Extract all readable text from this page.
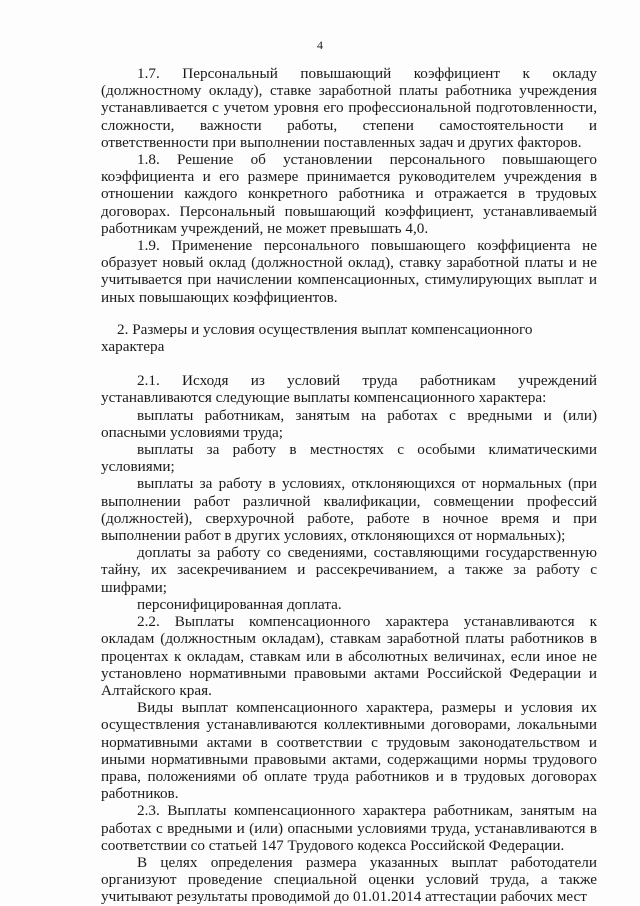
4

1.7. Персональный повышающий коэффициент к окладу (должностному окладу), ставке заработной платы работника учреждения устанавливается с учетом уровня его профессиональной подготовленности, сложности, важности работы, степени самостоятельности и ответственности при выполнении поставленных задач и других факторов.

1.8. Решение об установлении персонального повышающего коэффициента и его размере принимается руководителем учреждения в отношении каждого конкретного работника и отражается в трудовых договорах. Персональный повышающий коэффициент, устанавливаемый работникам учреждений, не может превышать 4,0.

1.9. Применение персонального повышающего коэффициента не образует новый оклад (должностной оклад), ставку заработной платы и не учитывается при начислении компенсационных, стимулирующих выплат и иных повышающих коэффициентов.

2. Размеры и условия осуществления выплат компенсационного характера

2.1. Исходя из условий труда работникам учреждений устанавливаются следующие выплаты компенсационного характера:

выплаты работникам, занятым на работах с вредными и (или) опасными условиями труда;

выплаты за работу в местностях с особыми климатическими условиями;

выплаты за работу в условиях, отклоняющихся от нормальных (при выполнении работ различной квалификации, совмещении профессий (должностей), сверхурочной работе, работе в ночное время и при выполнении работ в других условиях, отклоняющихся от нормальных);

доплаты за работу со сведениями, составляющими государственную тайну, их засекречиванием и рассекречиванием, а также за работу с шифрами;

персонифицированная доплата.

2.2. Выплаты компенсационного характера устанавливаются к окладам (должностным окладам), ставкам заработной платы работников в процентах к окладам, ставкам или в абсолютных величинах, если иное не установлено нормативными правовыми актами Российской Федерации и Алтайского края.

Виды выплат компенсационного характера, размеры и условия их осуществления устанавливаются коллективными договорами, локальными нормативными актами в соответствии с трудовым законодательством и иными нормативными правовыми актами, содержащими нормы трудового права, положениями об оплате труда работников и в трудовых договорах работников.

2.3. Выплаты компенсационного характера работникам, занятым на работах с вредными и (или) опасными условиями труда, устанавливаются в соответствии со статьей 147 Трудового кодекса Российской Федерации.

В целях определения размера указанных выплат работодатели организуют проведение специальной оценки условий труда, а также учитывают результаты проводимой до 01.01.2014 аттестации рабочих мест
